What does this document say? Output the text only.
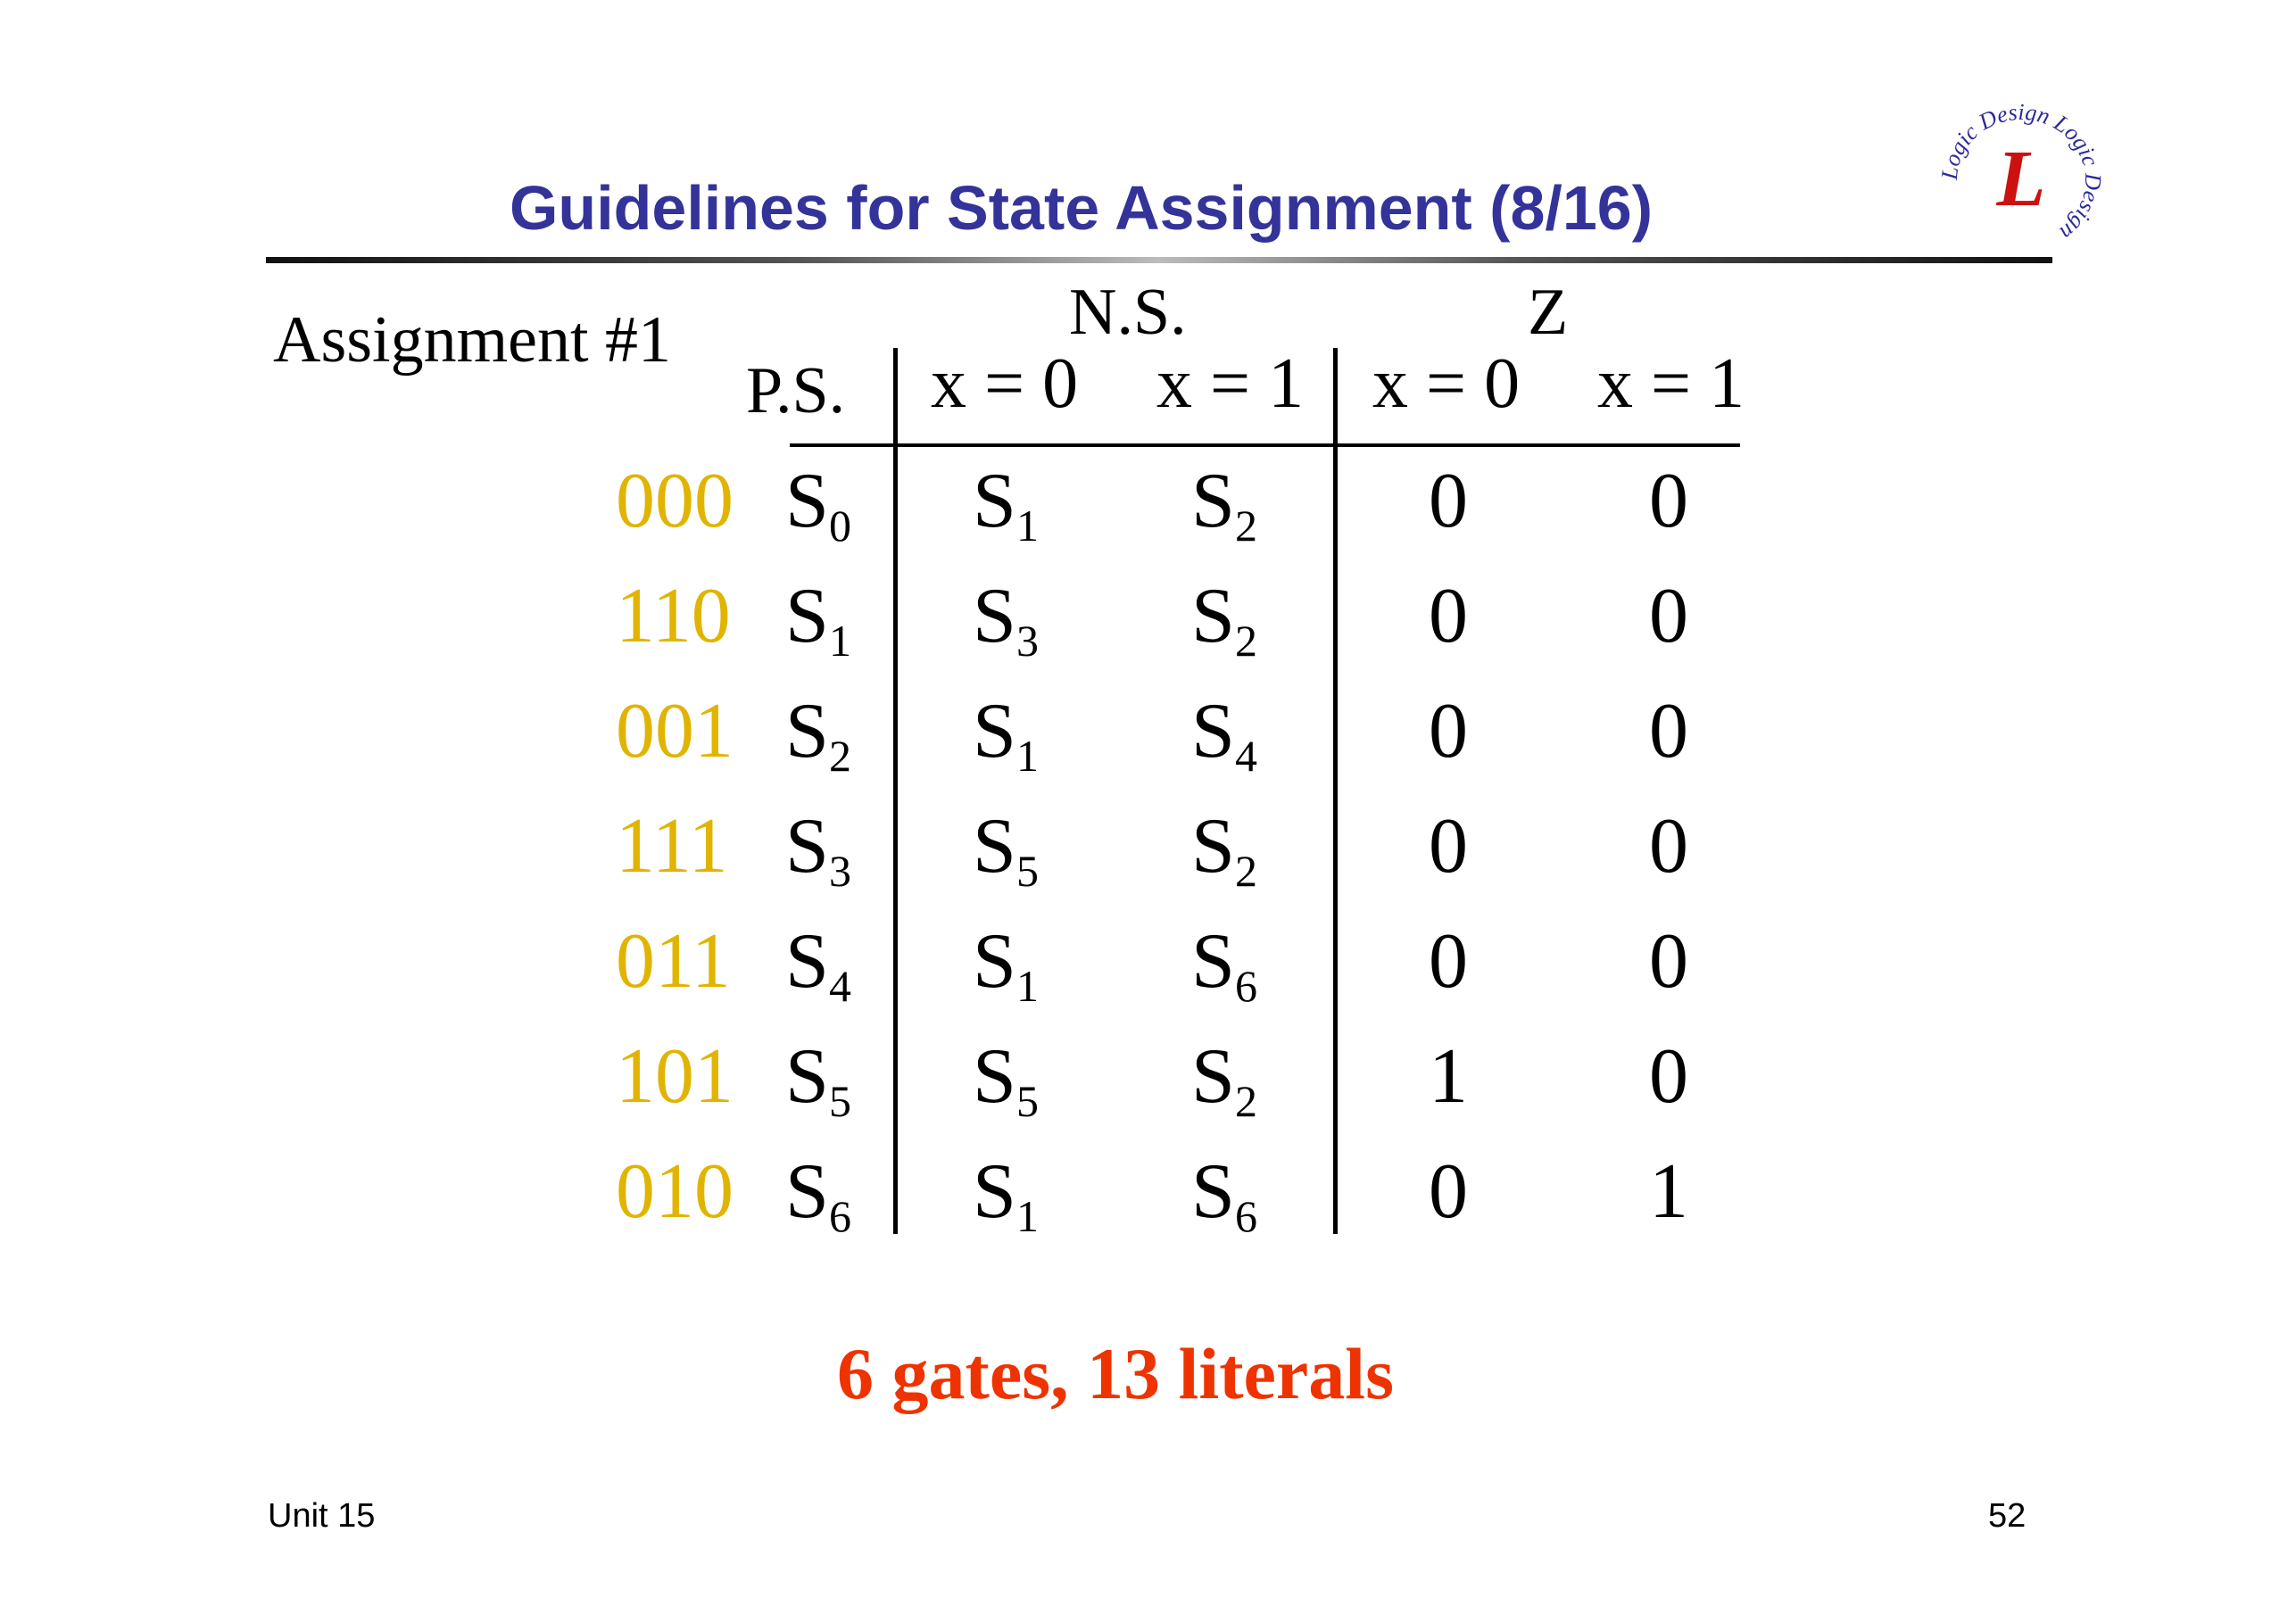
Guidelines for State Assignment (8/16)
Logic Design Logic Design
L
Assignment #1	N.S.	Z
P.S. x = 0 x = 1 x = 0 x = 1
000 $S_0$ $S_1$ $S_2$	0	0
110 $S_1$ $S_3$ $S_2$	0	0
001 $S_2$ $S_1$ $S_4$	0	0
111 $S_3$ $S_5$ $S_2$	0	0
011 $S_4$ $S_1$ $S_6$	0	0
101 $S_5$ $S_5$ $S_2$	1	0
010 $S_6$ $S_1$ $S_6$	0	1
6 gates, 13 literals
Unit 15	52
